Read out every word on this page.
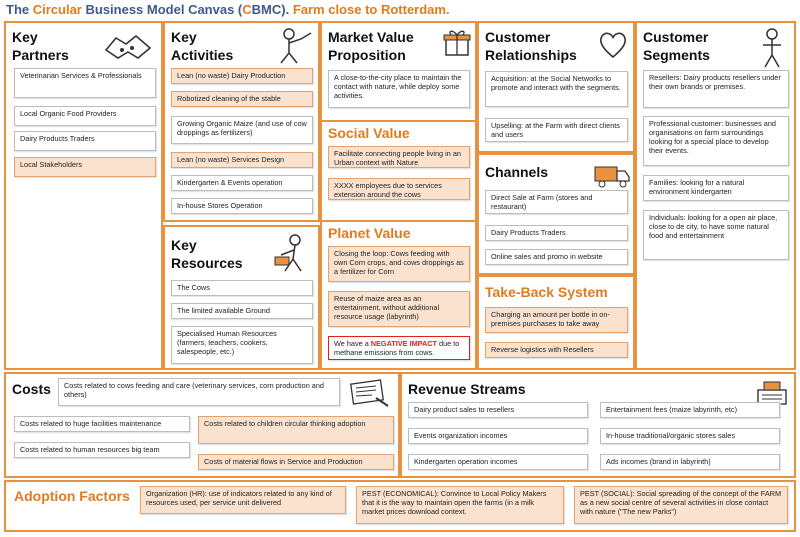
The Circular Business Model Canvas (CBMC). Farm close to Rotterdam.
Key
Partners
Veterinarian Services & Professionals
Local Organic Food Providers
Dairy Products Traders
Local Stakeholders
Key
Activities
Lean (no waste) Dairy Production
Robotized cleaning of the stable
Growing Organic Maize (and use of cow droppings as fertilizers)
Lean (no waste) Services Design
Kindergarten & Events operation
In-house Stores Operation
Key
Resources
The Cows
The limited available Ground
Specialised Human Resources (farmers, teachers, cookers, salespeople, etc.)
Market Value
Proposition
A close-to-the-city place to maintain the contact with nature, while deploy some activities.
Social Value
Facilitate connecting people living in an Urban context with Nature
XXXX employees due to services extension around the cows
Planet Value
Closing the loop: Cows feeding with own Corn crops, and cows droppings as a fertilizer for Corn
Reuse of maize area as an entertainment, without additional resource usage (labyrinth)
We have a NEGATIVE IMPACT due to methane emissions from cows.
Customer
Relationships
Acquisition: at the Social Networks to promote and interact with the segments.
Upselling: at the Farm with direct clients and users
Channels
Direct Sale at Farm (stores and restaurant)
Dairy Products Traders
Online sales and promo in website
Take-Back System
Charging an amount per bottle in on-premises purchases to take away
Reverse logistics with Resellers
Customer
Segments
Resellers: Dairy products resellers under their own brands or premises.
Professional customer: businesses and organisations on farm surroundings looking for a special place to develop their events.
Families: looking for a natural environment kindergarten
Individuals: looking for a open air place, close to de city, to have some natural food and entertainment
Costs	Costs related to cows feeding and care (veterinary services, corn production and others)
Costs related to huge facilities maintenance
Costs related to human resources big team
Costs related to children circular thinking adoption
Costs of material flows in Service and Production
Revenue Streams
Dairy product sales to resellers
Events organization incomes
Kindergarten operation incomes
Entertainment fees (maize labyrinth, etc)
In-house traditional/organic stores sales
Ads incomes (brand in labyrinth)
Adoption Factors	Organization (HR): use of indicators related to any kind of resources used, per service unit delivered
PEST (ECONOMICAL): Convince to Local Policy Makers that it is the way to maintain open the farms (in a milk market prices download context.
PEST (SOCIAL): Social spreading of the concept of the FARM as a new social centre of several activities in close contact with nature ("The new Parks")
